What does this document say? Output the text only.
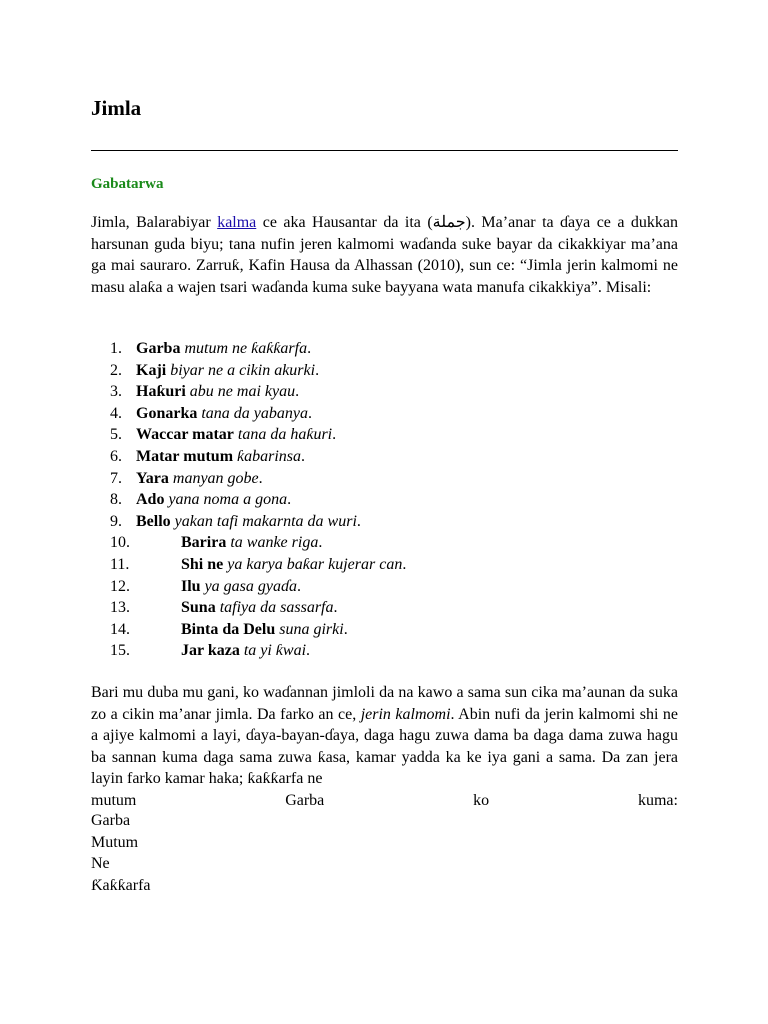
Jimla
Gabatarwa

Jimla, Balarabiyar kalma ce aka Hausantar da ita (جملة). Ma’anar ta ɗaya ce a dukkan harsunan guda biyu; tana nufin jeren kalmomi waɗanda suke bayar da cikakkiyar ma’ana ga mai sauraro. Zarruƙ, Kafin Hausa da Alhassan (2010), sun ce: “Jimla jerin kalmomi ne masu alaƙa a wajen tsari waɗanda kuma suke bayyana wata manufa cikakkiya”. Misali:

1. Garba mutum ne ƙaƙƙarfa.
2. Kaji biyar ne a cikin akurki.
3. Haƙuri abu ne mai kyau.
4. Gonarka tana da yabanya.
5. Waccar matar tana da haƙuri.
6. Matar mutum ƙabarinsa.
7. Yara manyan gobe.
8. Ado yana noma a gona.
9. Bello yakan tafi makarnta da wuri.
10.	Barira ta wanke riga.
11.	Shi ne ya karya baƙar kujerar can.
12.	Ilu ya gasa gyaɗa.
13.	Suna tafiya da sassarfa.
14.	Binta da Delu suna girki.
15.	Jar kaza ta yi ƙwai.

Bari mu duba mu gani, ko waɗannan jimloli da na kawo a sama sun cika ma’aunan da suka zo a cikin ma’anar jimla. Da farko an ce, jerin kalmomi. Abin nufi da jerin kalmomi shi ne a ajiye kalmomi a layi, ɗaya-bayan-ɗaya, daga hagu zuwa dama ba daga dama zuwa hagu ba sannan kuma daga sama zuwa ƙasa, kamar yadda ka ke iya gani a sama. Da zan jera layin farko kamar haka; ƙaƙƙarfa ne
mutum	Garba	ko	kuma:

Garba
Mutum
Ne
Ƙaƙƙarfa
